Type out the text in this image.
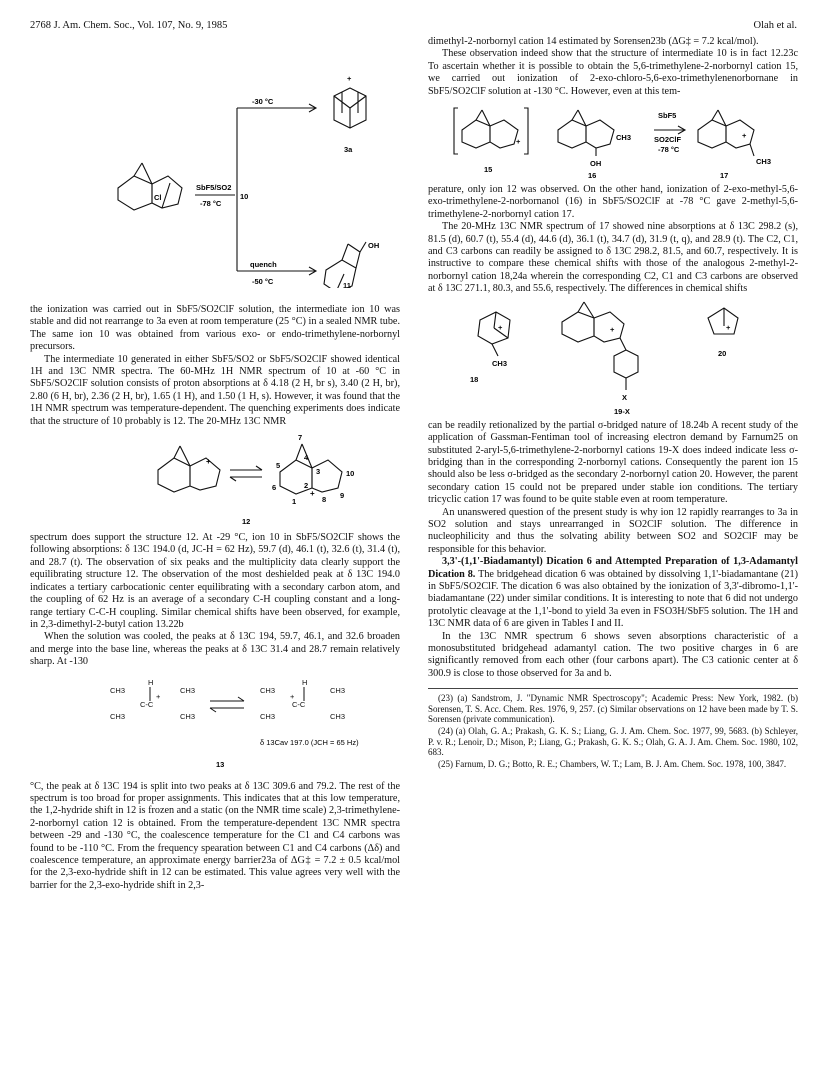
2768 J. Am. Chem. Soc., Vol. 107, No. 9, 1985	Olah et al.
-30 °C
+
3a
Cl
SbF5/SO2
-78 °C
10
quench
-50 °C
OH
11

the ionization was carried out in SbF5/SO2ClF solution, the intermediate ion 10 was stable and did not rearrange to 3a even at room temperature (25 °C) in a sealed NMR tube. The same ion 10 was obtained from various exo- or endo-trimethylene-norbornyl precursors.

The intermediate 10 generated in either SbF5/SO2 or SbF5/SO2ClF showed identical 1H and 13C NMR spectra. The 60-MHz 1H NMR spectrum of 10 at -60 °C in SbF5/SO2ClF solution consists of proton absorptions at δ 4.18 (2 H, br s), 3.40 (2 H, br), 2.80 (6 H, br), 2.36 (2 H, br), 1.65 (1 H), and 1.50 (1 H, s). However, it was found that the 1H NMR spectrum was temperature-dependent. The quenching experiments does indicate that the structure of 10 probably is 12. The 20-MHz 13C NMR

7
4
5
6
3
2
10
9
8
1
+
+
12

spectrum does support the structure 12. At -29 °C, ion 10 in SbF5/SO2ClF shows the following absorptions: δ 13C 194.0 (d, JC-H = 62 Hz), 59.7 (d), 46.1 (t), 32.6 (t), 31.4 (t), and 28.7 (t). The observation of six peaks and the multiplicity data clearly support the equilibrating structure 12. The observation of the most deshielded peak at δ 13C 194.0 indicates a tertiary carbocationic center equilibrating with a secondary carbon atom, and the coupling of 62 Hz is an average of a secondary C-H coupling constant and a long-range tertiary C-C-H coupling. Similar chemical shifts have been observed, for example, in 2,3-dimethyl-2-butyl cation 13.22b

When the solution was cooled, the peaks at δ 13C 194, 59.7, 46.1, and 32.6 broaden and merge into the base line, whereas the peaks at δ 13C 31.4 and 28.7 remain relatively sharp. At -130

CH3
H
CH3
C-C
+
CH3	CH3
CH3
H
CH3
C-C
+
CH3	CH3
δ 13Cav 197.0 (JCH = 65 Hz)
13

°C, the peak at δ 13C 194 is split into two peaks at δ 13C 309.6 and 79.2. The rest of the spectrum is too broad for proper assignments. This indicates that at this low temperature, the 1,2-hydride shift in 12 is frozen and a static (on the NMR time scale) 2,3-trimethylene-2-norbornyl cation 12 is obtained. From the temperature-dependent 13C NMR spectra between -29 and -130 °C, the coalescence temperature for the C1 and C4 carbons was found to be -110 °C. From the frequency spearation between C1 and C4 carbons (Δδ) and coalescence temperature, an approximate energy barrier23a of ΔG‡ = 7.2 ± 0.5 kcal/mol for the 2,3-exo-hydride shift in 12 can be estimated. This value agrees very well with the barrier for the 2,3-exo-hydride shift in 2,3-

dimethyl-2-norbornyl cation 14 estimated by Sorensen23b (ΔG‡ = 7.2 kcal/mol).

These observation indeed show that the structure of intermediate 10 is in fact 12.23c To ascertain whether it is possible to obtain the 5,6-trimethylene-2-norbornyl cation 15, we carried out ionization of 2-exo-chloro-5,6-exo-trimethylenenorbornane in SbF5/SO2ClF solution at -130 °C. However, even at this tem-

+
+
CH3
OH
SbF5
SO2ClF
-78 °C
CH3
15
16	17

perature, only ion 12 was observed. On the other hand, ionization of 2-exo-methyl-5,6-exo-trimethylene-2-norbornanol (16) in SbF5/SO2ClF at -78 °C gave 2-methyl-5,6-trimethylene-2-norbornyl cation 17.

The 20-MHz 13C NMR spectrum of 17 showed nine absorptions at δ 13C 298.2 (s), 81.5 (d), 60.7 (t), 55.4 (d), 44.6 (d), 36.1 (t), 34.7 (d), 31.9 (t, q), and 28.9 (t). The C2, C1, and C3 carbons can readily be assigned to δ 13C 298.2, 81.5, and 60.7, respectively. It is instructive to compare these chemical shifts with those of the analogous 2-methyl-2-norbornyl cation 18,24a wherein the corresponding C2, C1 and C3 carbons are observed at δ 13C 271.1, 80.3, and 55.6, respectively. The differences in chemical shifts

+	+	+
CH3
X
18
19-X
20

can be readily retionalized by the partial σ-bridged nature of 18.24b A recent study of the application of Gassman-Fentiman tool of increasing electron demand by Farnum25 on substituted 2-aryl-5,6-trimethylene-2-norbornyl cations 19-X does indeed indicate less σ-bridging than in the corresponding 2-norbornyl cations. Consequently the parent ion 15 should also be less σ-bridged as the secondary 2-norbornyl cation 20. However, the parent secondary cation 15 could not be prepared under stable ion conditions. The tertiary tricyclic cation 17 was found to be quite stable even at room temperature.

An unanswered question of the present study is why ion 12 rapidly rearranges to 3a in SO2 solution and stays unrearranged in SO2ClF solution. The difference in nucleophilicity and thus the solvating ability between SO2 and SO2ClF may be responsible for this behavior.

3,3'-(1,1'-Biadamantyl) Dication 6 and Attempted Preparation of 1,3-Adamantyl Dication 8. The bridgehead dication 6 was obtained by dissolving 1,1'-biadamantane (21) in SbF5/SO2ClF. The dication 6 was also obtained by the ionization of 3,3'-dibromo-1,1'-biadamantane (22) under similar conditions. It is interesting to note that 6 did not undergo protolytic cleavage at the 1,1'-bond to yield 3a even in FSO3H/SbF5 solution. The 1H and 13C NMR data of 6 are given in Tables I and II.

In the 13C NMR spectrum 6 shows seven absorptions characteristic of a monosubstituted bridgehead adamantyl cation. The two positive charges in 6 are significantly removed from each other (four carbons apart). The C3 cationic center at δ 300.9 is close to those observed for 3a and b.

(23) (a) Sandstrom, J. "Dynamic NMR Spectroscopy"; Academic Press: New York, 1982. (b) Sorensen, T. S. Acc. Chem. Res. 1976, 9, 257. (c) Similar observations on 12 have been made by T. S. Sorensen (private communication).

(24) (a) Olah, G. A.; Prakash, G. K. S.; Liang, G. J. Am. Chem. Soc. 1977, 99, 5683. (b) Schleyer, P. v. R.; Lenoir, D.; Mison, P.; Liang, G.; Prakash, G. K. S.; Olah, G. A. J. Am. Chem. Soc. 1980, 102, 683.

(25) Farnum, D. G.; Botto, R. E.; Chambers, W. T.; Lam, B. J. Am. Chem. Soc. 1978, 100, 3847.
